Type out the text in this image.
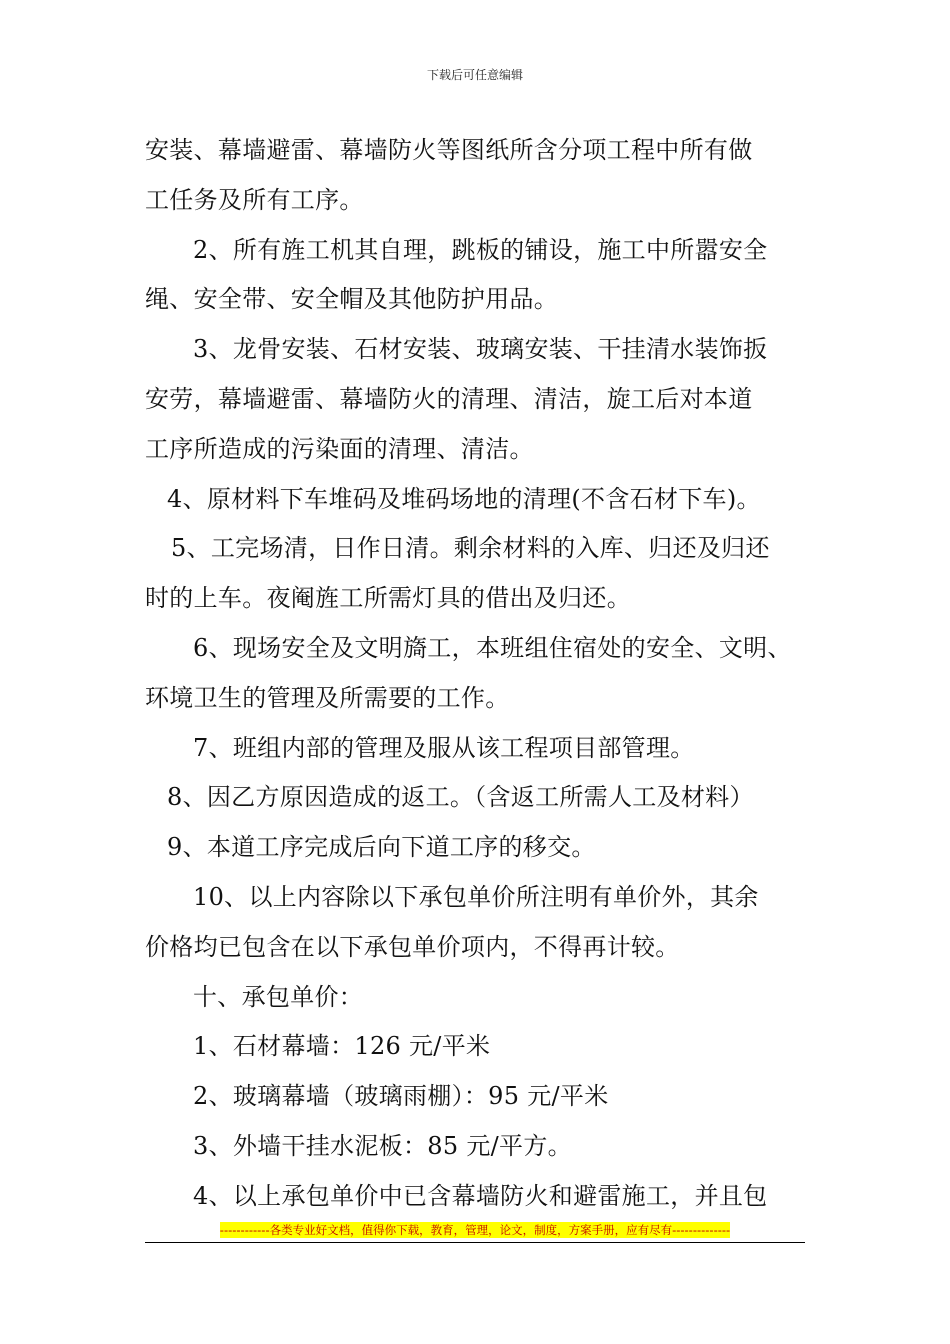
下载后可任意编辑
安装、幕墙避雷、幕墙防火等图纸所含分项工程中所有做
工任务及所有工序。
2、所有旌工机其自理，跳板的铺设，施工中所嚣安全
绳、安全带、安全帽及其他防护用品。
3、龙骨安装、石材安装、玻璃安装、干挂清水装饰扳
安劳，幕墙避雷、幕墙防火的清理、清洁，旋工后对本道
工序所造成的污染面的清理、清洁。
4、原材料下车堆码及堆码场地的清理(不含石材下车)。
5、工完场清，日作日清。剩余材料的入库、归还及归还
时的上车。夜阉旌工所需灯具的借出及归还。
6、现场安全及文明旖工，本班组住宿处的安全、文明、
环境卫生的管理及所需要的工作。
7、班组内部的管理及服从该工程项目部管理。
8、因乙方原因造成的返工。（含返工所需人工及材料）
9、本道工序完成后向下道工序的移交。
10、以上内容除以下承包单价所注明有单价外，其余
价格均已包含在以下承包单价项内，不得再计较。
十、承包单价：
1、石材幕墙：126 元/平米
2、玻璃幕墙（玻璃雨棚）：95 元/平米
3、外墙干挂水泥板：85 元/平方。
4、以上承包单价中已含幕墙防火和避雷施工，并且包
------------各类专业好文档，值得你下载，教育，管理，论文，制度，方案手册，应有尽有--------------
